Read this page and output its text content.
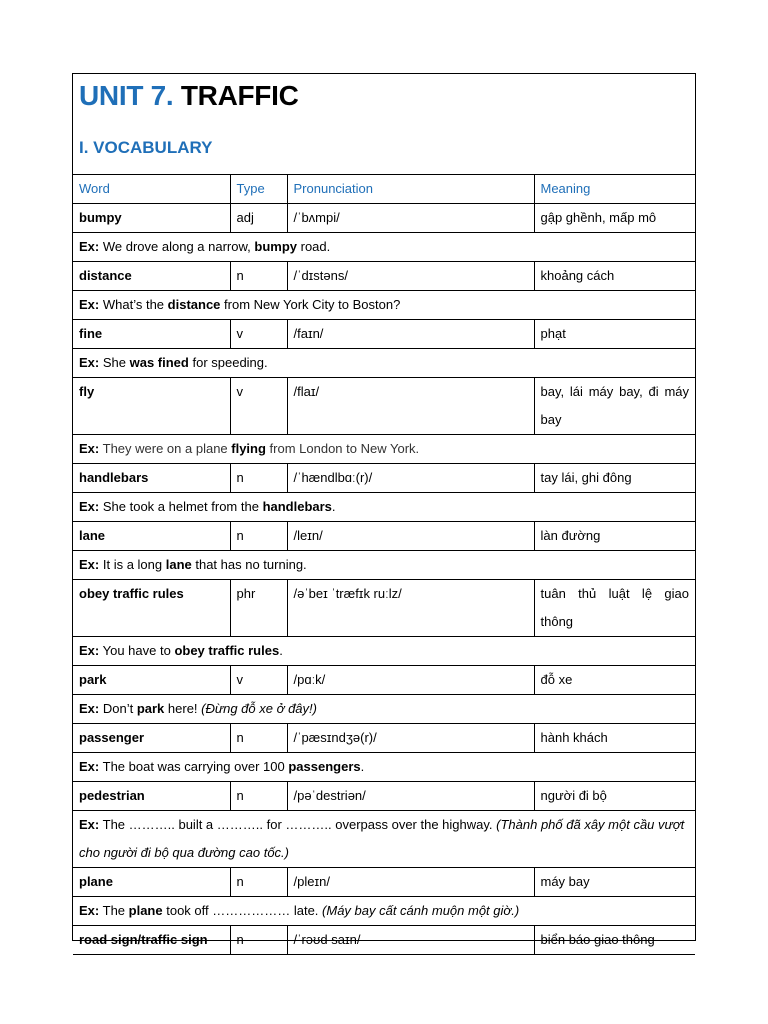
UNIT 7. TRAFFIC
I. VOCABULARY
Word	Type	Pronunciation	Meaning
bumpy	adj	/ˈbʌmpi/	gập ghềnh, mấp mô
Ex: We drove along a narrow, bumpy road.			
distance	n	/ˈdɪstəns/	khoảng cách
Ex: What’s the distance from New York City to Boston?			
fine	v	/faɪn/	phạt
Ex: She was fined for speeding.			
fly	v	/flaɪ/	bay, lái máy bay, đi máy bay
Ex: They were on a plane flying from London to New York.			
handlebars	n	/ˈhændlbɑː(r)/	tay lái, ghi đông
Ex: She took a helmet from the handlebars.			
lane	n	/leɪn/	làn đường
Ex: It is a long lane that has no turning.			
obey traffic rules	phr	/əˈbeɪ ˈtræfɪk ruːlz/	tuân thủ luật lệ giao thông
Ex: You have to obey traffic rules.			
park	v	/pɑːk/	đỗ xe
Ex: Don’t park here! (Đừng đỗ xe ở đây!)			
passenger	n	/ˈpæsɪndʒə(r)/	hành khách
Ex: The boat was carrying over 100 passengers.			
pedestrian	n	/pəˈdestriən/	người đi bộ
Ex: The ……….. built a ……….. for ……….. overpass over the highway. (Thành phố đã xây một cầu vượt cho người đi bộ qua đường cao tốc.)			
plane	n	/pleɪn/	máy bay
Ex: The plane took off ……………… late. (Máy bay cất cánh muộn một giờ.)			
road sign/traffic sign	n	/ˈrəʊd saɪn/	biển báo giao thông
